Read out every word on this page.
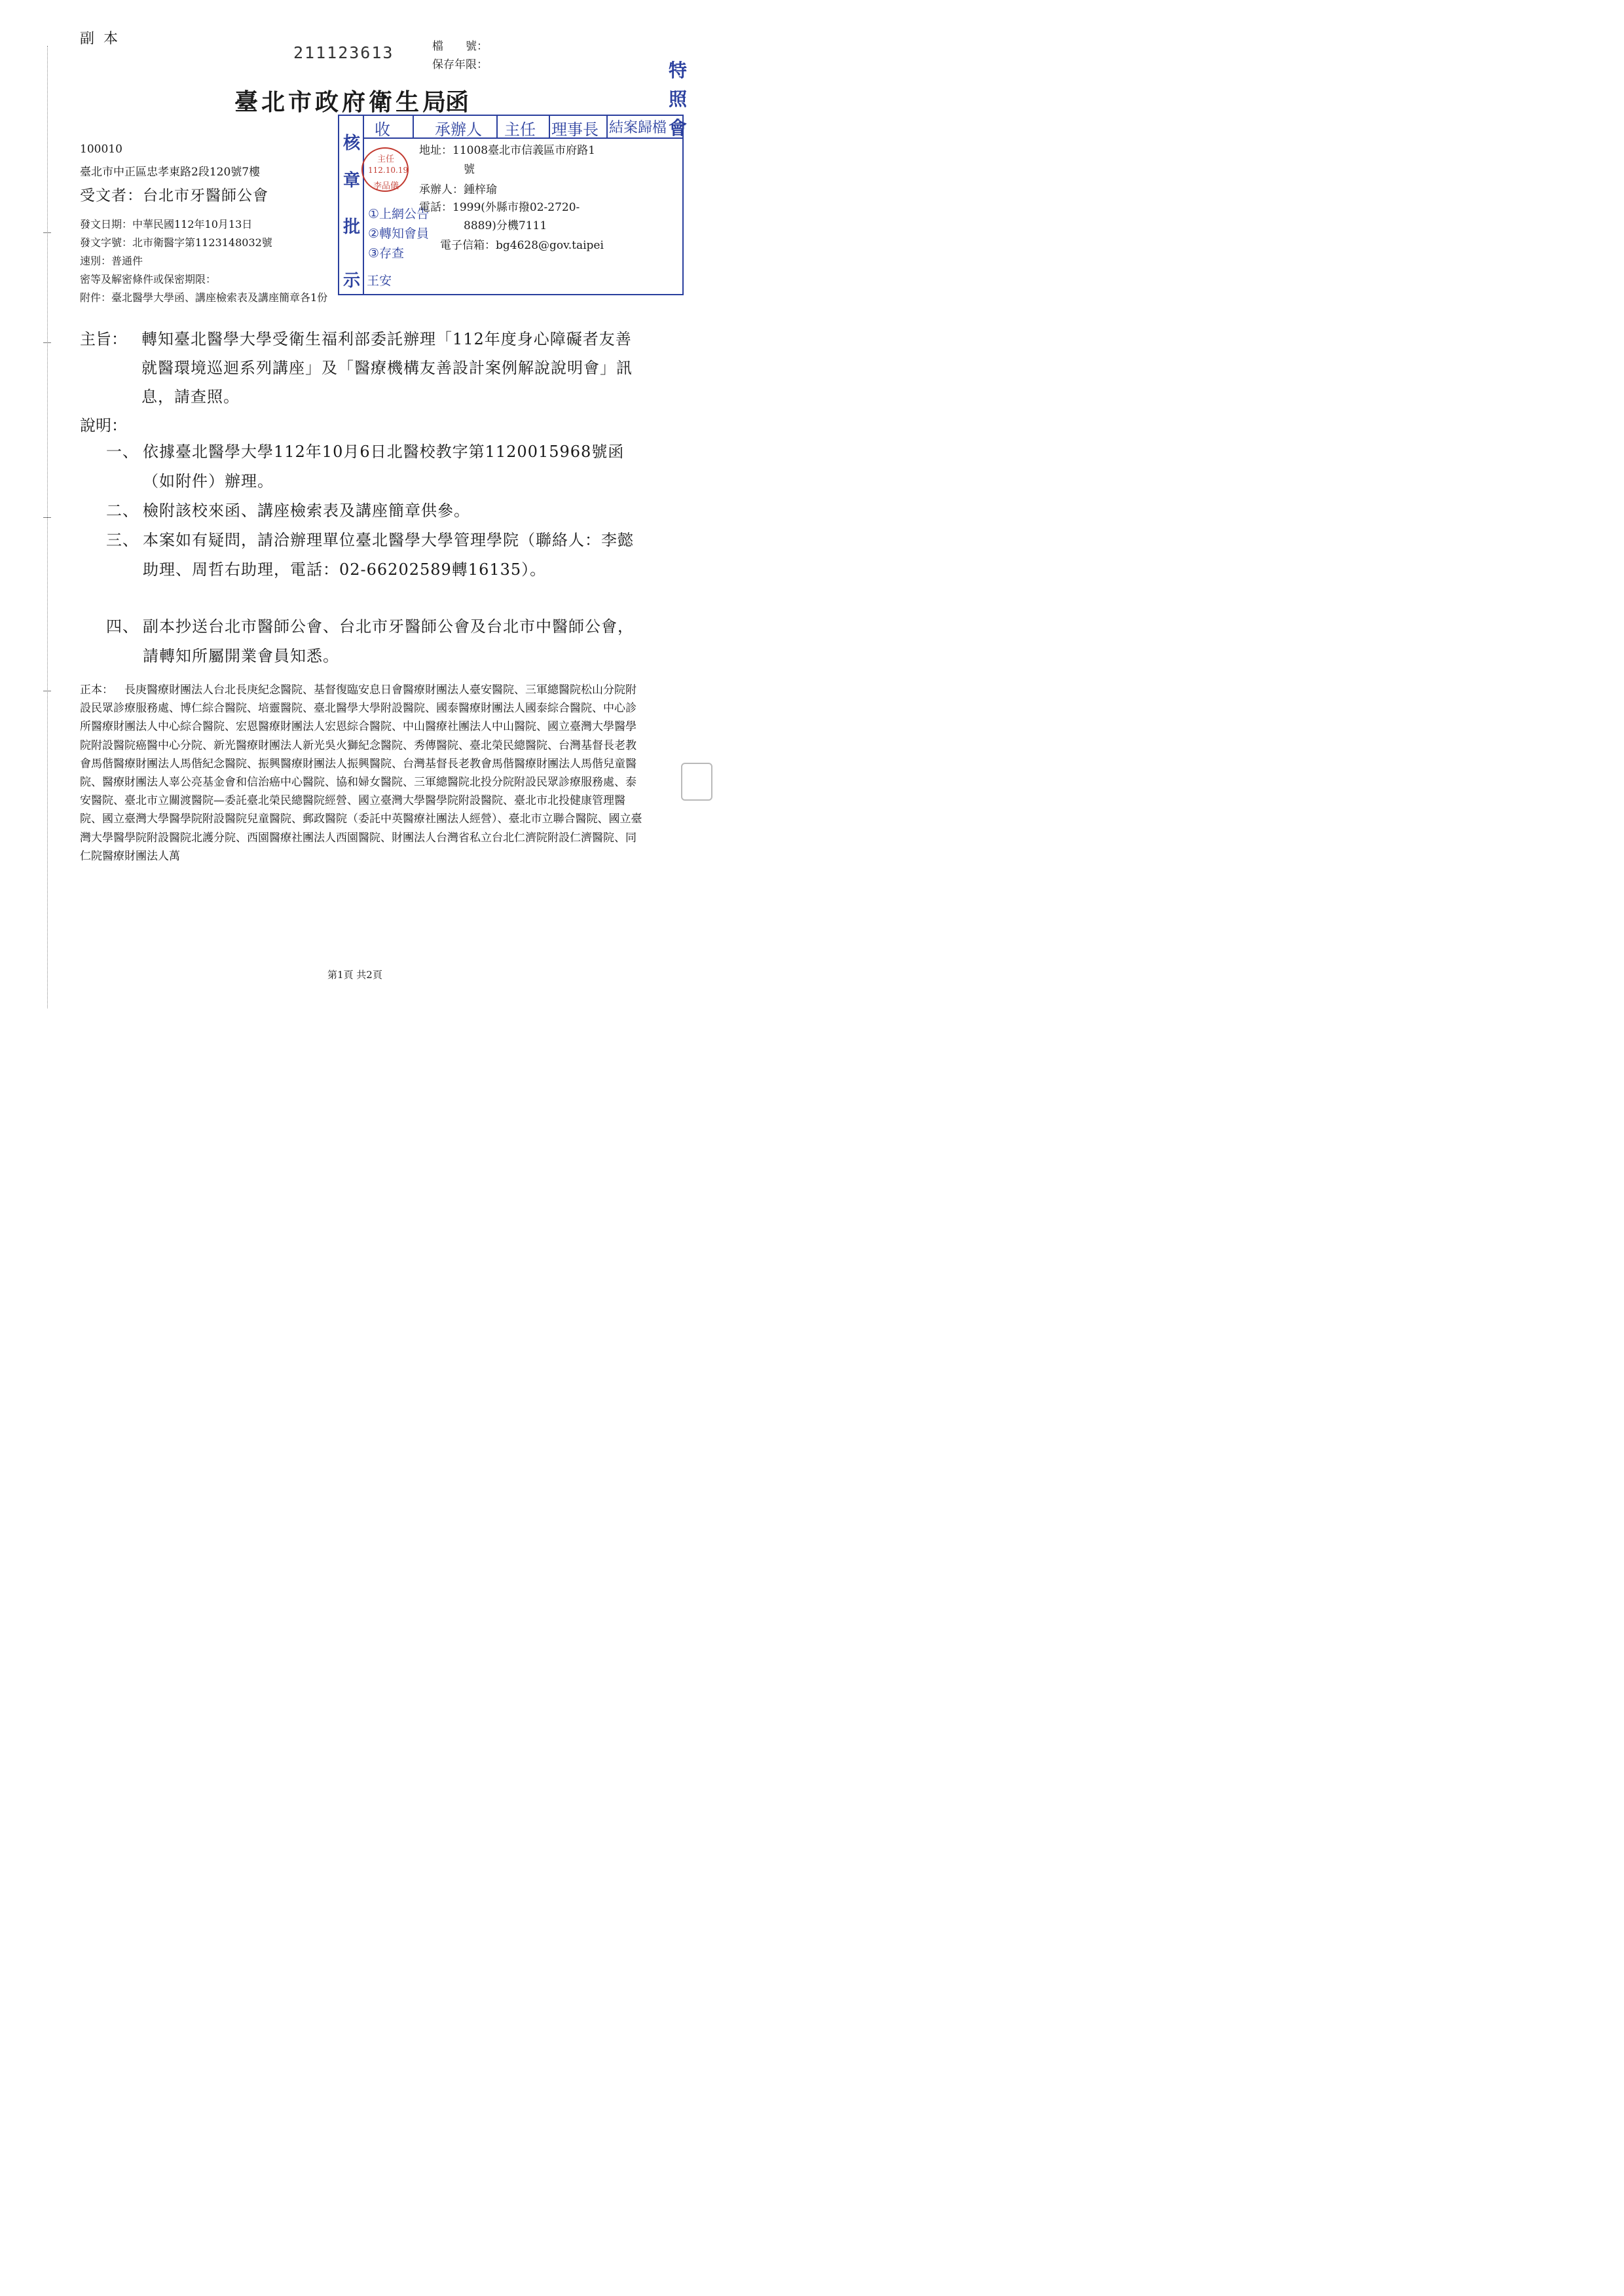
副本
211123613	檔　　號：
保存年限：	特照會
臺北市政府衛生局
函
100010
臺北市中正區忠孝東路2段120號7樓
受文者：台北市牙醫師公會
發文日期：中華民國112年10月13日
發文字號：北市衛醫字第1123148032號
速別：普通件
密等及解密條件或保密期限：
附件：臺北醫學大學函、講座檢索表及講座簡章各1份
核
章
批
示
收	承辦人 主任 理事長 結案歸檔
主任
112.10.19
李品儀
①上網公告
②轉知會員
③存查
王安
地址：11008臺北市信義區市府路1
號
承辦人：鍾梓瑜
電話：1999(外縣市撥02-2720-
8889)分機7111
電子信箱：bg4628@gov.taipei
主旨： 轉知臺北醫學大學受衛生福利部委託辦理「112年度身心障礙者友善就醫環境巡迴系列講座」及「醫療機構友善設計案例解說說明會」訊息，請查照。
說明：
一、 依據臺北醫學大學112年10月6日北醫校教字第1120015968號函（如附件）辦理。
二、 檢附該校來函、講座檢索表及講座簡章供參。
三、 本案如有疑問，請洽辦理單位臺北醫學大學管理學院（聯絡人：李懿助理、周哲右助理，電話：02-66202589轉16135）。
四、 副本抄送台北市醫師公會、台北市牙醫師公會及台北市中醫師公會，請轉知所屬開業會員知悉。
正本：	長庚醫療財團法人台北長庚紀念醫院、基督復臨安息日會醫療財團法人臺安醫院、三軍總醫院松山分院附設民眾診療服務處、博仁綜合醫院、培靈醫院、臺北醫學大學附設醫院、國泰醫療財團法人國泰綜合醫院、中心診所醫療財團法人中心綜合醫院、宏恩醫療財團法人宏恩綜合醫院、中山醫療社團法人中山醫院、國立臺灣大學醫學院附設醫院癌醫中心分院、新光醫療財團法人新光吳火獅紀念醫院、秀傳醫院、臺北榮民總醫院、台灣基督長老教會馬偕醫療財團法人馬偕紀念醫院、振興醫療財團法人振興醫院、台灣基督長老教會馬偕醫療財團法人馬偕兒童醫院、醫療財團法人辜公亮基金會和信治癌中心醫院、協和婦女醫院、三軍總醫院北投分院附設民眾診療服務處、泰安醫院、臺北市立關渡醫院—委託臺北榮民總醫院經營、國立臺灣大學醫學院附設醫院、臺北市北投健康管理醫院、國立臺灣大學醫學院附設醫院兒童醫院、郵政醫院（委託中英醫療社團法人經營）、臺北市立聯合醫院、國立臺灣大學醫學院附設醫院北護分院、西園醫療社團法人西園醫院、財團法人台灣省私立台北仁濟院附設仁濟醫院、同仁院醫療財團法人萬
第1頁 共2頁
